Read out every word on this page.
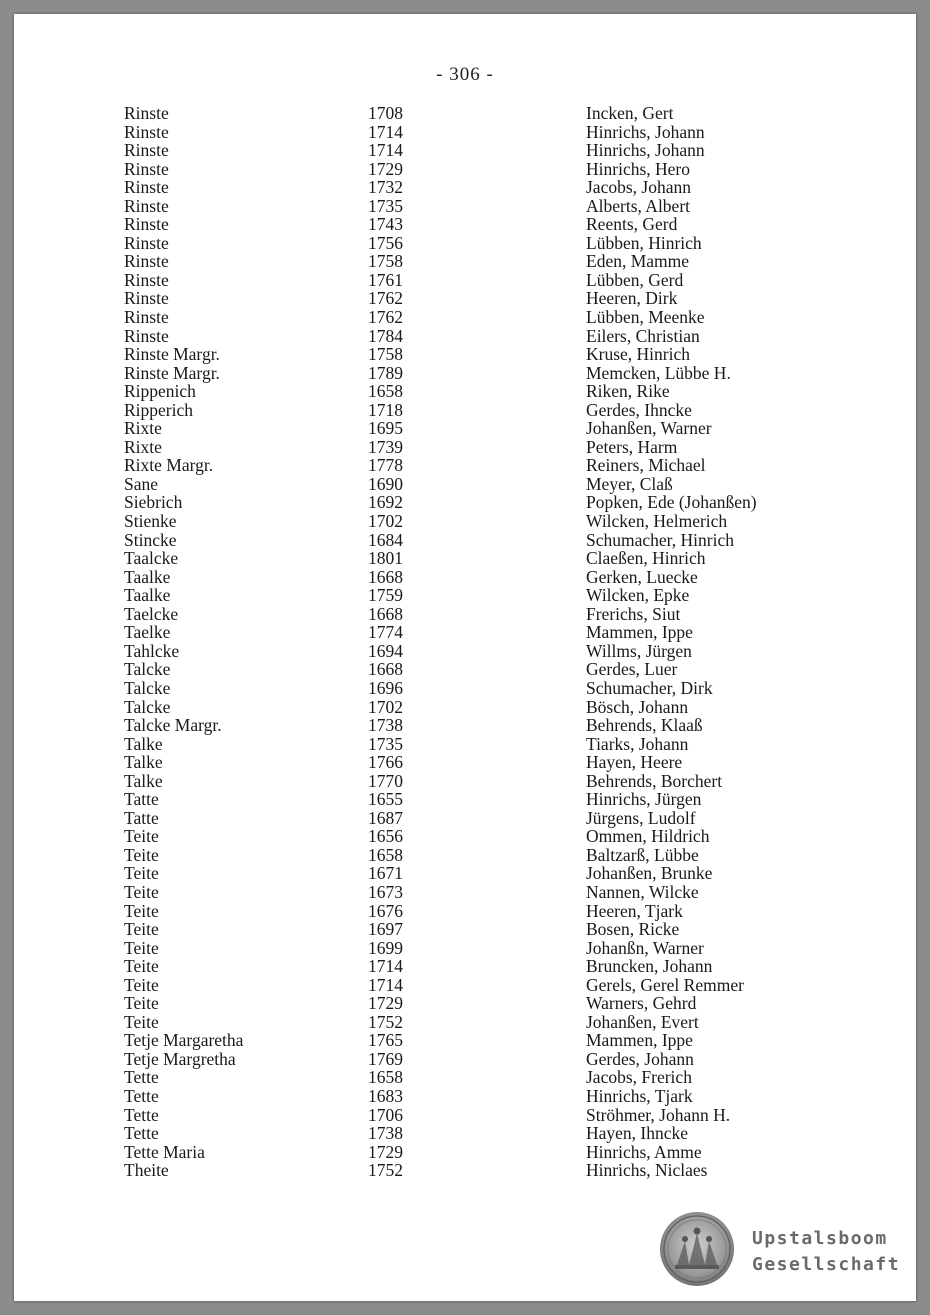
- 306 -
Rinste	1708	Incken, Gert
Rinste	1714	Hinrichs, Johann
Rinste	1714	Hinrichs, Johann
Rinste	1729	Hinrichs, Hero
Rinste	1732	Jacobs, Johann
Rinste	1735	Alberts, Albert
Rinste	1743	Reents, Gerd
Rinste	1756	Lübben, Hinrich
Rinste	1758	Eden, Mamme
Rinste	1761	Lübben, Gerd
Rinste	1762	Heeren, Dirk
Rinste	1762	Lübben, Meenke
Rinste	1784	Eilers, Christian
Rinste Margr.	1758	Kruse, Hinrich
Rinste Margr.	1789	Memcken, Lübbe H.
Rippenich	1658	Riken, Rike
Ripperich	1718	Gerdes, Ihncke
Rixte	1695	Johanßen, Warner
Rixte	1739	Peters, Harm
Rixte Margr.	1778	Reiners, Michael
Sane	1690	Meyer, Claß
Siebrich	1692	Popken, Ede (Johanßen)
Stienke	1702	Wilcken, Helmerich
Stincke	1684	Schumacher, Hinrich
Taalcke	1801	Claeßen, Hinrich
Taalke	1668	Gerken, Luecke
Taalke	1759	Wilcken, Epke
Taelcke	1668	Frerichs, Siut
Taelke	1774	Mammen, Ippe
Tahlcke	1694	Willms, Jürgen
Talcke	1668	Gerdes, Luer
Talcke	1696	Schumacher, Dirk
Talcke	1702	Bösch, Johann
Talcke Margr.	1738	Behrends, Klaaß
Talke	1735	Tiarks, Johann
Talke	1766	Hayen, Heere
Talke	1770	Behrends, Borchert
Tatte	1655	Hinrichs, Jürgen
Tatte	1687	Jürgens, Ludolf
Teite	1656	Ommen, Hildrich
Teite	1658	Baltzarß, Lübbe
Teite	1671	Johanßen, Brunke
Teite	1673	Nannen, Wilcke
Teite	1676	Heeren, Tjark
Teite	1697	Bosen, Ricke
Teite	1699	Johanßn, Warner
Teite	1714	Bruncken, Johann
Teite	1714	Gerels, Gerel Remmer
Teite	1729	Warners, Gehrd
Teite	1752	Johanßen, Evert
Tetje Margaretha	1765	Mammen, Ippe
Tetje Margretha	1769	Gerdes, Johann
Tette	1658	Jacobs, Frerich
Tette	1683	Hinrichs, Tjark
Tette	1706	Ströhmer, Johann H.
Tette	1738	Hayen, Ihncke
Tette Maria	1729	Hinrichs, Amme
Theite	1752	Hinrichs, Niclaes
Upstalsboom
Gesellschaft
